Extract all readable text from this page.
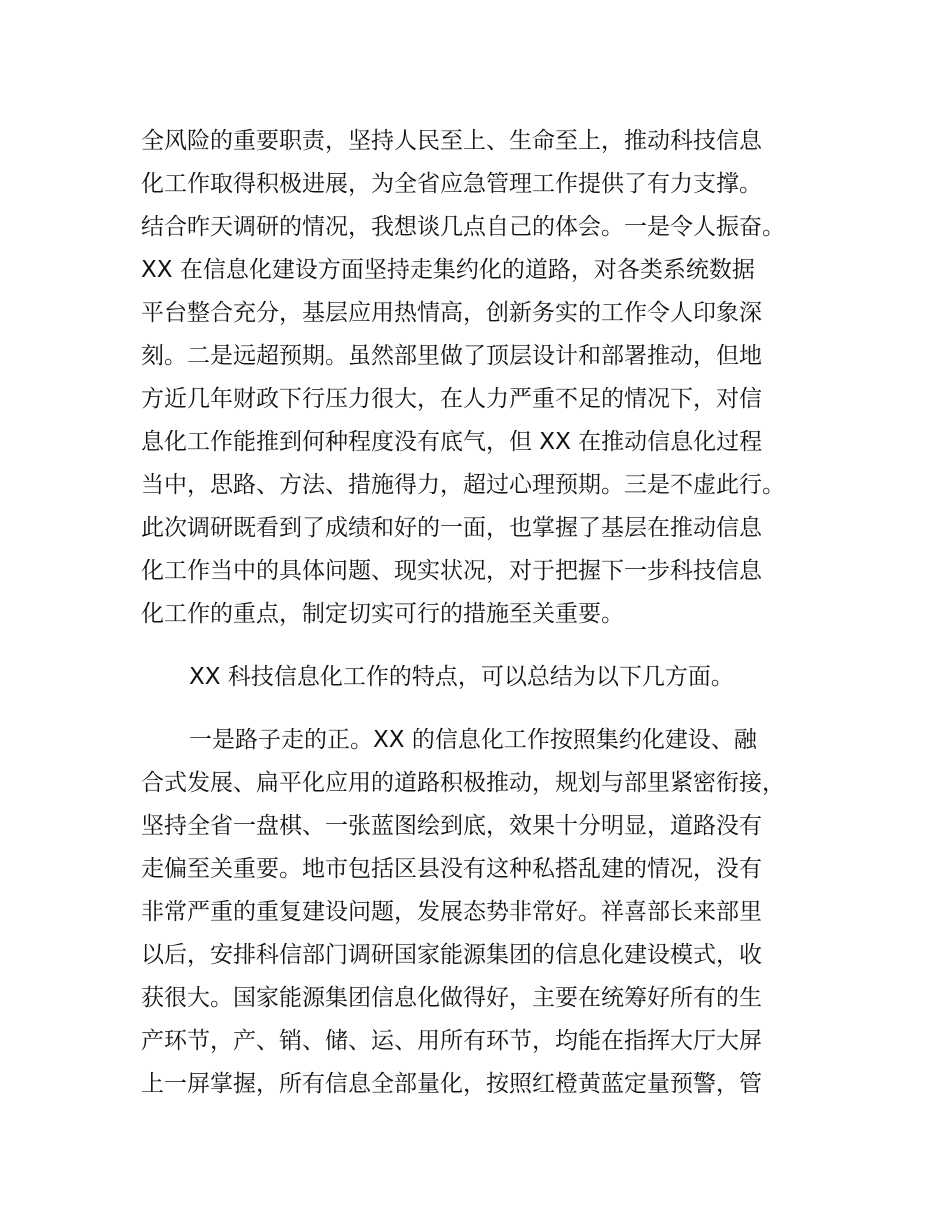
全风险的重要职责，坚持人民至上、生命至上，推动科技信息

化工作取得积极进展，为全省应急管理工作提供了有力支撑。

结合昨天调研的情况，我想谈几点自己的体会。一是令人振奋。

XX 在信息化建设方面坚持走集约化的道路，对各类系统数据

平台整合充分，基层应用热情高，创新务实的工作令人印象深

刻。二是远超预期。虽然部里做了顶层设计和部署推动，但地

方近几年财政下行压力很大，在人力严重不足的情况下，对信

息化工作能推到何种程度没有底气，但 XX 在推动信息化过程

当中，思路、方法、措施得力，超过心理预期。三是不虚此行。

此次调研既看到了成绩和好的一面，也掌握了基层在推动信息

化工作当中的具体问题、现实状况，对于把握下一步科技信息

化工作的重点，制定切实可行的措施至关重要。

XX 科技信息化工作的特点，可以总结为以下几方面。

一是路子走的正。XX 的信息化工作按照集约化建设、融

合式发展、扁平化应用的道路积极推动，规划与部里紧密衔接，

坚持全省一盘棋、一张蓝图绘到底，效果十分明显，道路没有

走偏至关重要。地市包括区县没有这种私搭乱建的情况，没有

非常严重的重复建设问题，发展态势非常好。祥喜部长来部里

以后，安排科信部门调研国家能源集团的信息化建设模式，收

获很大。国家能源集团信息化做得好，主要在统筹好所有的生

产环节，产、销、储、运、用所有环节，均能在指挥大厅大屏

上一屏掌握，所有信息全部量化，按照红橙黄蓝定量预警，管
